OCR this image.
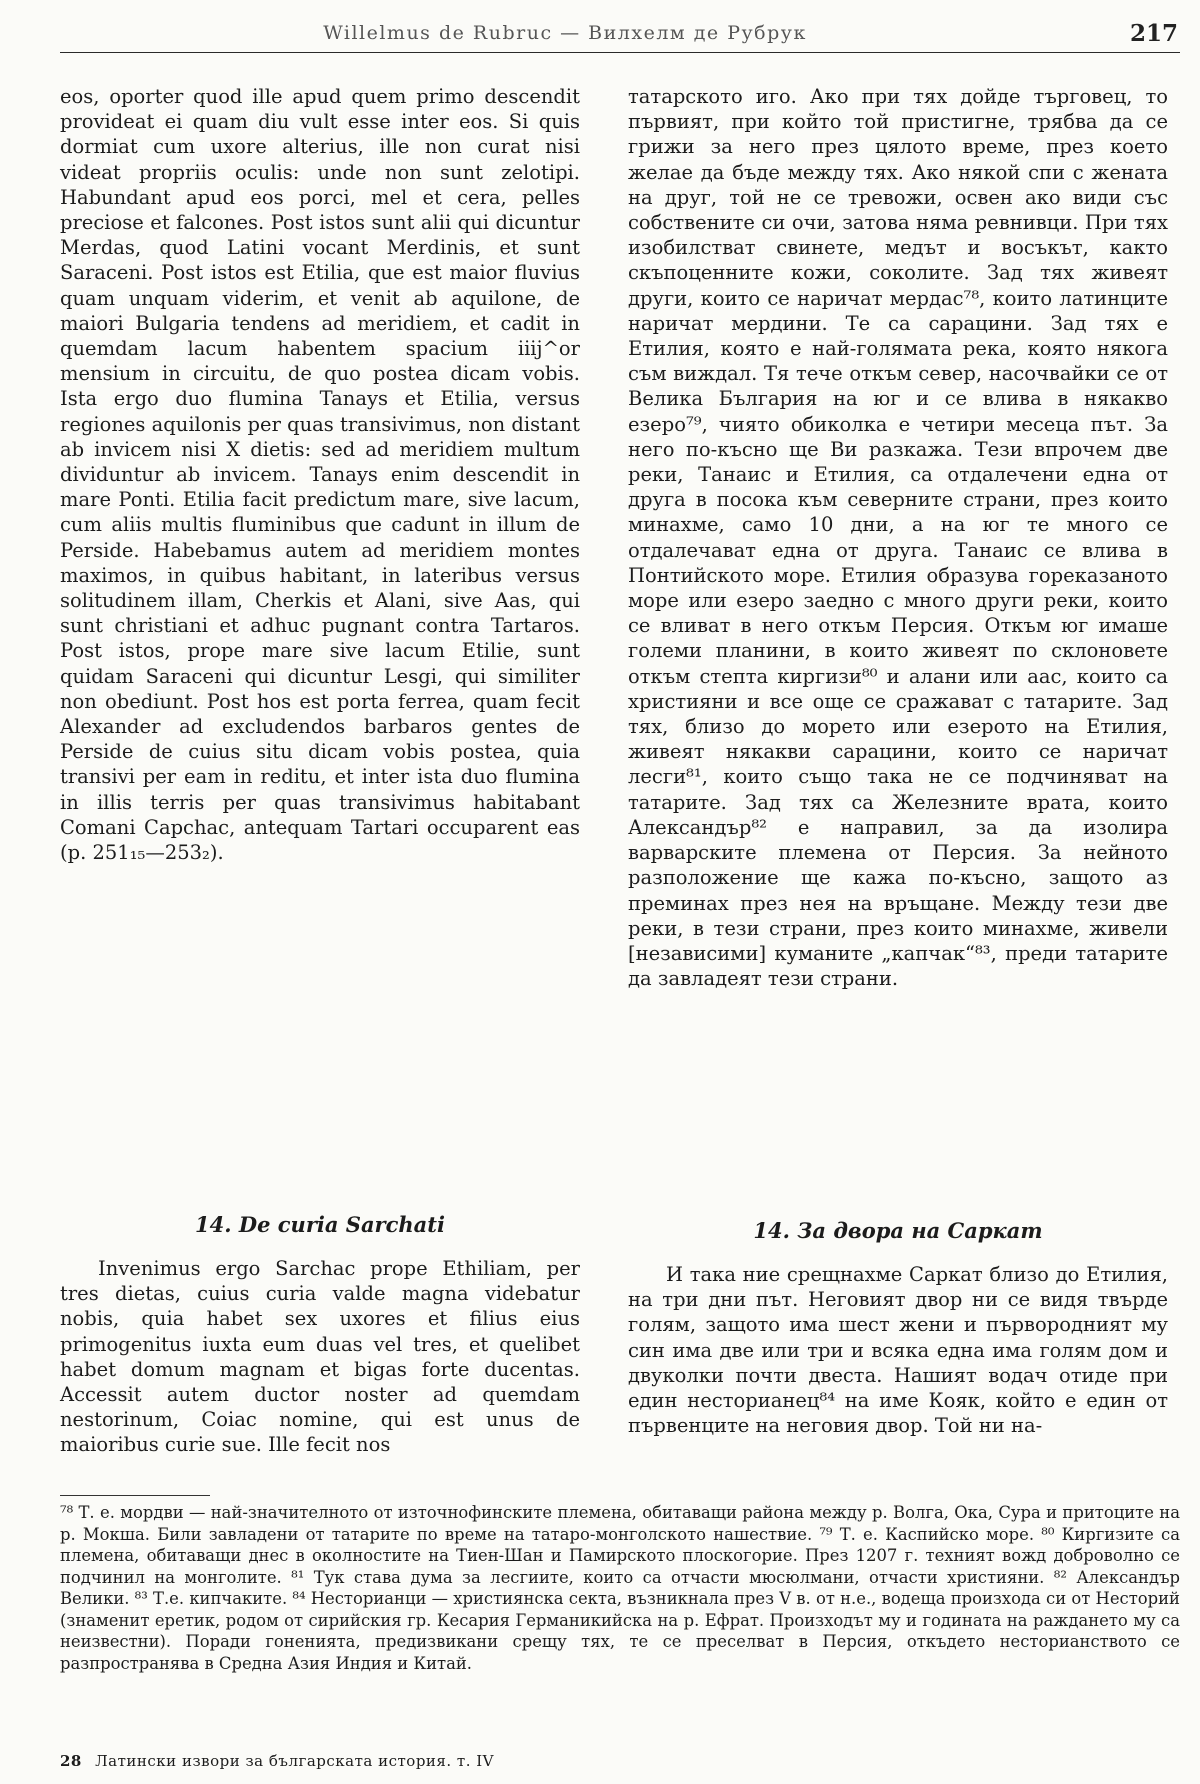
Willelmus de Rubruc — Вилхелм де Рубрук	217

eos, oporter quod ille apud quem primo descendit provideat ei quam diu vult esse inter eos. Si quis dormiat cum uxore alterius, ille non curat nisi videat propriis oculis: unde non sunt zelotipi. Habundant apud eos porci, mel et cera, pelles preciose et falcones. Post istos sunt alii qui dicuntur Merdas, quod Latini vocant Merdinis, et sunt Saraceni. Post istos est Etilia, que est maior fluvius quam unquam viderim, et venit ab aquilone, de maiori Bulgaria tendens ad meridiem, et cadit in quemdam lacum habentem spacium iiij^or mensium in circuitu, de quo postea dicam vobis. Ista ergo duo flumina Tanays et Etilia, versus regiones aquilonis per quas transivimus, non distant ab invicem nisi X dietis: sed ad meridiem multum dividuntur ab invicem. Tanays enim descendit in mare Ponti. Etilia facit predictum mare, sive lacum, cum aliis multis fluminibus que cadunt in illum de Perside. Habebamus autem ad meridiem montes maximos, in quibus habitant, in lateribus versus solitudinem illam, Cherkis et Alani, sive Aas, qui sunt christiani et adhuc pugnant contra Tartaros. Post istos, prope mare sive lacum Etilie, sunt quidam Saraceni qui dicuntur Lesgi, qui similiter non obediunt. Post hos est porta ferrea, quam fecit Alexander ad excludendos barbaros gentes de Perside de cuius situ dicam vobis postea, quia transivi per eam in reditu, et inter ista duo flumina in illis terris per quas transivimus habitabant Comani Capchac, antequam Tartari occuparent eas (p. 251₁₅—253₂).

татарското иго. Ако при тях дойде търговец, то първият, при който той пристигне, трябва да се грижи за него през цялото време, през което желае да бъде между тях. Ако някой спи с жената на друг, той не се тревожи, освен ако види със собствените си очи, затова няма ревнивци. При тях изобилстват свинете, медът и восъкът, както скъпоценните кожи, соколите. Зад тях живеят други, които се наричат мердас⁷⁸, които латинците наричат мердини. Те са сарацини. Зад тях е Етилия, която е най-голямата река, която някога съм виждал. Тя тече откъм север, насочвайки се от Велика България на юг и се влива в някакво езеро⁷⁹, чиято обиколка е четири месеца път. За него по-късно ще Ви разкажа. Тези впрочем две реки, Танаис и Етилия, са отдалечени една от друга в посока към северните страни, през които минахме, само 10 дни, а на юг те много се отдалечават една от друга. Танаис се влива в Понтийското море. Етилия образува гореказаното море или езеро заедно с много други реки, които се вливат в него откъм Персия. Откъм юг имаше големи планини, в които живеят по склоновете откъм степта киргизи⁸⁰ и алани или аас, които са християни и все още се сражават с татарите. Зад тях, близо до морето или езерото на Етилия, живеят някакви сарацини, които се наричат лесги⁸¹, които също така не се подчиняват на татарите. Зад тях са Железните врата, които Александър⁸² е направил, за да изолира варварските племена от Персия. За нейното разположение ще кажа по-късно, защото аз преминах през нея на връщане. Между тези две реки, в тези страни, през които минахме, живели [независими] куманите „капчак“⁸³, преди татарите да завладеят тези страни.

14. De curia Sarchati	14. За двора на Саркат

Invenimus ergo Sarchac prope Ethiliam, per tres dietas, cuius curia valde magna videbatur nobis, quia habet sex uxores et filius eius primogenitus iuxta eum duas vel tres, et quelibet habet domum magnam et bigas forte ducentas. Accessit autem ductor noster ad quemdam nestorinum, Coiac nomine, qui est unus de maioribus curie sue. Ille fecit nos

И така ние срещнахме Саркат близо до Етилия, на три дни път. Неговият двор ни се видя твърде голям, защото има шест жени и първородният му син има две или три и всяка една има голям дом и двуколки почти двеста. Нашият водач отиде при един несторианец⁸⁴ на име Кояк, който е един от първенците на неговия двор. Той ни на-

⁷⁸ Т. е. мордви — най-значителното от източнофинските племена, обитаващи района между р. Волга, Ока, Сура и притоците на р. Мокша. Били завладени от татарите по време на татаро-монголското нашествие. ⁷⁹ Т. е. Каспийско море. ⁸⁰ Киргизите са племена, обитаващи днес в околностите на Тиен-Шан и Памирското плоскогорие. През 1207 г. техният вожд доброволно се подчинил на монголите. ⁸¹ Тук става дума за лесгиите, които са отчасти мюсюлмани, отчасти християни. ⁸² Александър Велики. ⁸³ Т.е. кипчаките. ⁸⁴ Несторианци — християнска секта, възникнала през V в. от н.е., водеща произхода си от Несторий (знаменит еретик, родом от сирийския гр. Кесария Германикийска на р. Ефрат. Произходът му и годината на раждането му са неизвестни). Поради гоненията, предизвикани срещу тях, те се преселват в Персия, откъдето несторианството се разпространява в Средна Азия Индия и Китай.

28 Латински извори за българската история. т. IV
